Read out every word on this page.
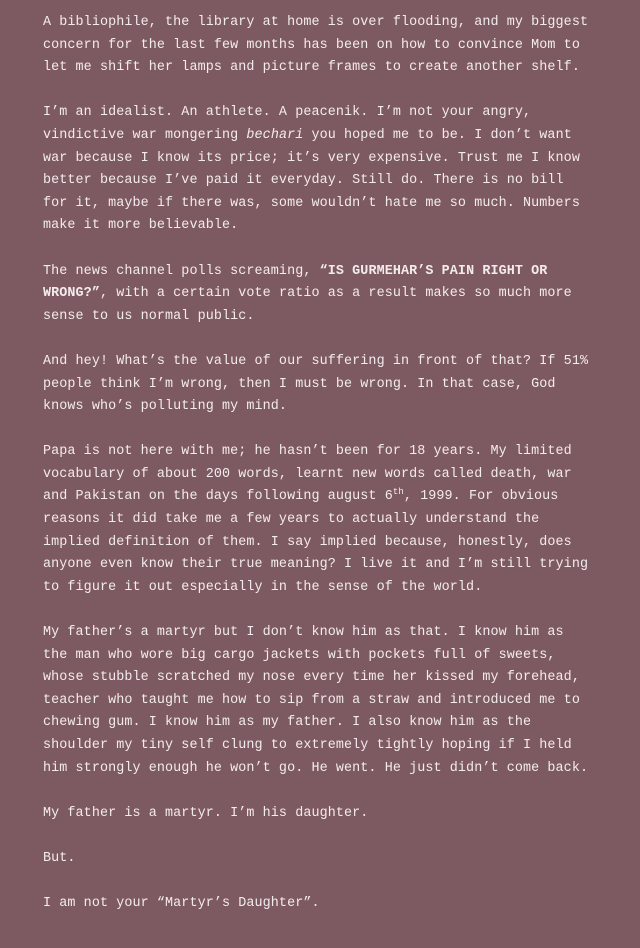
A bibliophile, the library at home is over flooding, and my biggest
concern for the last few months has been on how to convince Mom to
let me shift her lamps and picture frames to create another shelf.

I’m an idealist. An athlete. A peacenik. I’m not your angry,
vindictive war mongering bechari you hoped me to be. I don’t want
war because I know its price; it’s very expensive. Trust me I know
better because I’ve paid it everyday. Still do. There is no bill
for it, maybe if there was, some wouldn’t hate me so much. Numbers
make it more believable.

The news channel polls screaming, “IS GURMEHAR’S PAIN RIGHT OR
WRONG?”, with a certain vote ratio as a result makes so much more
sense to us normal public.

And hey! What’s the value of our suffering in front of that? If 51%
people think I’m wrong, then I must be wrong. In that case, God
knows who’s polluting my mind.

Papa is not here with me; he hasn’t been for 18 years. My limited
vocabulary of about 200 words, learnt new words called death, war
and Pakistan on the days following august 6th, 1999. For obvious
reasons it did take me a few years to actually understand the
implied definition of them. I say implied because, honestly, does
anyone even know their true meaning? I live it and I’m still trying
to figure it out especially in the sense of the world.

My father’s a martyr but I don’t know him as that. I know him as
the man who wore big cargo jackets with pockets full of sweets,
whose stubble scratched my nose every time her kissed my forehead,
teacher who taught me how to sip from a straw and introduced me to
chewing gum. I know him as my father. I also know him as the
shoulder my tiny self clung to extremely tightly hoping if I held
him strongly enough he won’t go. He went. He just didn’t come back.

My father is a martyr. I’m his daughter.

But.

I am not your “Martyr’s Daughter”.
